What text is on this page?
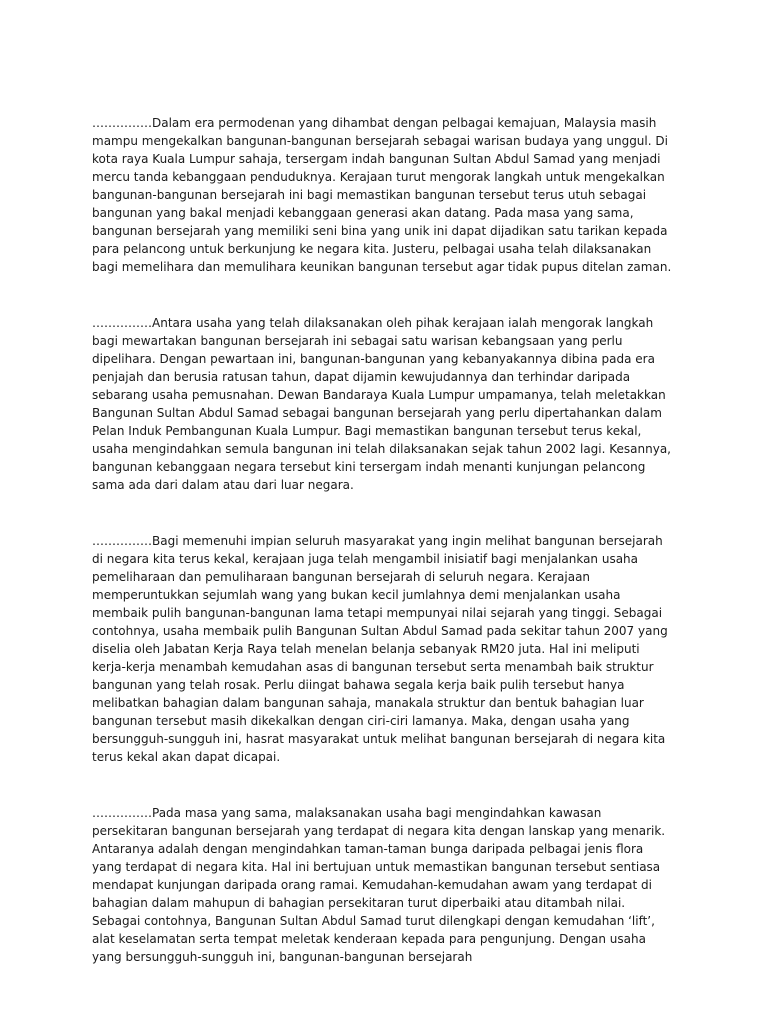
……………Dalam era permodenan yang dihambat dengan pelbagai kemajuan, Malaysia masih mampu mengekalkan bangunan-bangunan bersejarah sebagai warisan budaya yang unggul. Di kota raya Kuala Lumpur sahaja, tersergam indah bangunan Sultan Abdul Samad yang menjadi mercu tanda kebanggaan penduduknya. Kerajaan turut mengorak langkah untuk mengekalkan bangunan-bangunan bersejarah ini bagi memastikan bangunan tersebut terus utuh sebagai bangunan yang bakal menjadi kebanggaan generasi akan datang. Pada masa yang sama, bangunan bersejarah yang memiliki seni bina yang unik ini dapat dijadikan satu tarikan kepada para pelancong untuk berkunjung ke negara kita. Justeru, pelbagai usaha telah dilaksanakan bagi memelihara dan memulihara keunikan bangunan tersebut agar tidak pupus ditelan zaman.

……………Antara usaha yang telah dilaksanakan oleh pihak kerajaan ialah mengorak langkah bagi mewartakan bangunan bersejarah ini sebagai satu warisan kebangsaan yang perlu dipelihara. Dengan pewartaan ini, bangunan-bangunan yang kebanyakannya dibina pada era penjajah dan berusia ratusan tahun, dapat dijamin kewujudannya dan terhindar daripada sebarang usaha pemusnahan. Dewan Bandaraya Kuala Lumpur umpamanya, telah meletakkan Bangunan Sultan Abdul Samad sebagai bangunan bersejarah yang perlu dipertahankan dalam Pelan Induk Pembangunan Kuala Lumpur. Bagi memastikan bangunan tersebut terus kekal, usaha mengindahkan semula bangunan ini telah dilaksanakan sejak tahun 2002 lagi. Kesannya, bangunan kebanggaan negara tersebut kini tersergam indah menanti kunjungan pelancong sama ada dari dalam atau dari luar negara.

……………Bagi memenuhi impian seluruh masyarakat yang ingin melihat bangunan bersejarah di negara kita terus kekal, kerajaan juga telah mengambil inisiatif bagi menjalankan usaha pemeliharaan dan pemuliharaan bangunan bersejarah di seluruh negara. Kerajaan memperuntukkan sejumlah wang yang bukan kecil jumlahnya demi menjalankan usaha membaik pulih bangunan-bangunan lama tetapi mempunyai nilai sejarah yang tinggi. Sebagai contohnya, usaha membaik pulih Bangunan Sultan Abdul Samad pada sekitar tahun 2007 yang diselia oleh Jabatan Kerja Raya telah menelan belanja sebanyak RM20 juta. Hal ini meliputi kerja-kerja menambah kemudahan asas di bangunan tersebut serta menambah baik struktur bangunan yang telah rosak. Perlu diingat bahawa segala kerja baik pulih tersebut hanya melibatkan bahagian dalam bangunan sahaja, manakala struktur dan bentuk bahagian luar bangunan tersebut masih dikekalkan dengan ciri-ciri lamanya. Maka, dengan usaha yang bersungguh-sungguh ini, hasrat masyarakat untuk melihat bangunan bersejarah di negara kita terus kekal akan dapat dicapai.

……………Pada masa yang sama, malaksanakan usaha bagi mengindahkan kawasan persekitaran bangunan bersejarah yang terdapat di negara kita dengan lanskap yang menarik. Antaranya adalah dengan mengindahkan taman-taman bunga daripada pelbagai jenis flora yang terdapat di negara kita. Hal ini bertujuan untuk memastikan bangunan tersebut sentiasa mendapat kunjungan daripada orang ramai. Kemudahan-kemudahan awam yang terdapat di bahagian dalam mahupun di bahagian persekitaran turut diperbaiki atau ditambah nilai. Sebagai contohnya, Bangunan Sultan Abdul Samad turut dilengkapi dengan kemudahan ‘lift’, alat keselamatan serta tempat meletak kenderaan kepada para pengunjung. Dengan usaha yang bersungguh-sungguh ini, bangunan-bangunan bersejarah
